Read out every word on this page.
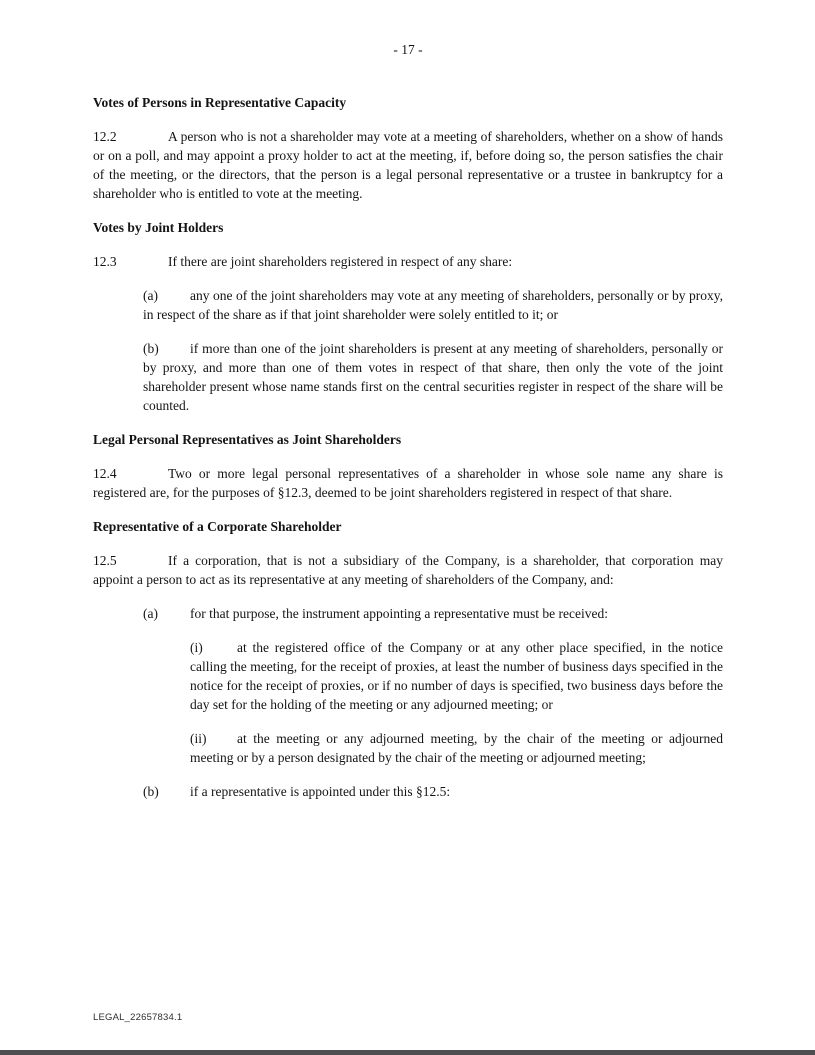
- 17 -
Votes of Persons in Representative Capacity

12.2	A person who is not a shareholder may vote at a meeting of shareholders, whether on a show of hands or on a poll, and may appoint a proxy holder to act at the meeting, if, before doing so, the person satisfies the chair of the meeting, or the directors, that the person is a legal personal representative or a trustee in bankruptcy for a shareholder who is entitled to vote at the meeting.

Votes by Joint Holders

12.3	If there are joint shareholders registered in respect of any share:

(a) any one of the joint shareholders may vote at any meeting of shareholders, personally or by proxy, in respect of the share as if that joint shareholder were solely entitled to it; or

(b) if more than one of the joint shareholders is present at any meeting of shareholders, personally or by proxy, and more than one of them votes in respect of that share, then only the vote of the joint shareholder present whose name stands first on the central securities register in respect of the share will be counted.

Legal Personal Representatives as Joint Shareholders

12.4	Two or more legal personal representatives of a shareholder in whose sole name any share is registered are, for the purposes of §12.3, deemed to be joint shareholders registered in respect of that share.

Representative of a Corporate Shareholder

12.5	If a corporation, that is not a subsidiary of the Company, is a shareholder, that corporation may appoint a person to act as its representative at any meeting of shareholders of the Company, and:

(a) for that purpose, the instrument appointing a representative must be received:

(i)	at the registered office of the Company or at any other place specified, in the notice calling the meeting, for the receipt of proxies, at least the number of business days specified in the notice for the receipt of proxies, or if no number of days is specified, two business days before the day set for the holding of the meeting or any adjourned meeting; or

(ii) at the meeting or any adjourned meeting, by the chair of the meeting or adjourned meeting or by a person designated by the chair of the meeting or adjourned meeting;

(b) if a representative is appointed under this §12.5:

LEGAL_22657834.1
